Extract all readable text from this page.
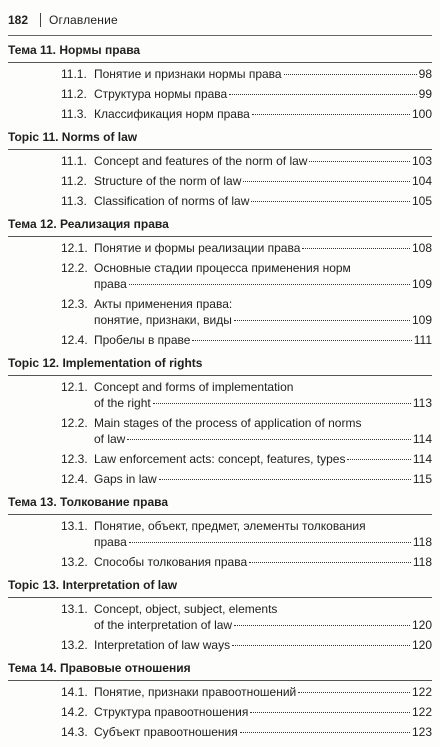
182	Оглавление
Тема 11. Нормы права
11.1. Понятие и признаки нормы права	98
11.2. Структура нормы права	99
11.3. Классификация норм права	100
Topic 11. Norms of law
11.1. Concept and features of the norm of law	103
11.2. Structure of the norm of law	104
11.3. Classification of norms of law	105
Тема 12. Реализация права
12.1. Понятие и формы реализации права	108
12.2. Основные стадии процесса применения норм
права	109
12.3. Акты применения права:
понятие, признаки, виды	109
12.4. Пробелы в праве	111
Topic 12. Implementation of rights
12.1. Concept and forms of implementation
of the right	113
12.2. Main stages of the process of application of norms
of law	114
12.3. Law enforcement acts: concept, features, types	114
12.4. Gaps in law	115
Тема 13. Толкование права
13.1. Понятие, объект, предмет, элементы толкования
права	118
13.2. Способы толкования права	118
Topic 13. Interpretation of law
13.1. Concept, object, subject, elements
of the interpretation of law	120
13.2. Interpretation of law ways	120
Тема 14. Правовые отношения
14.1. Понятие, признаки правоотношений	122
14.2. Структура правоотношения	122
14.3. Субъект правоотношения	123
